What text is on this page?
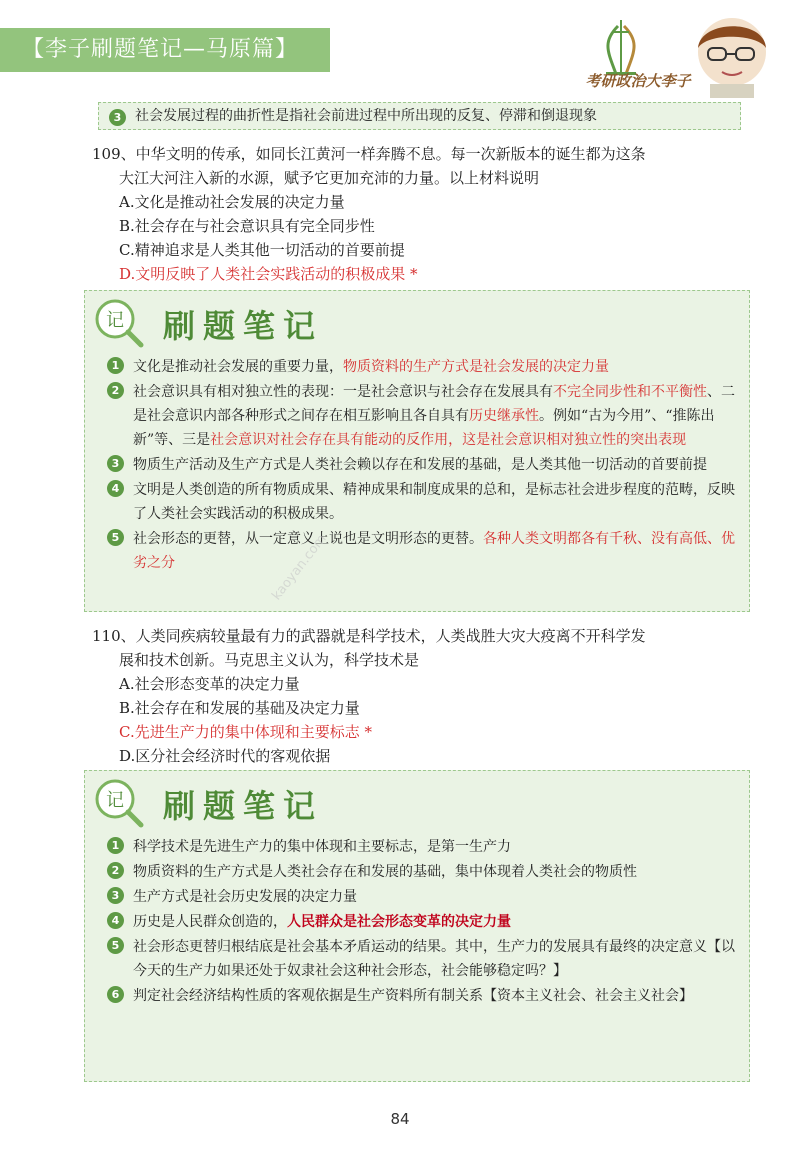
【李子刷题笔记—马原篇】
考研政治大李子
3 社会发展过程的曲折性是指社会前进过程中所出现的反复、停滞和倒退现象
109、中华文明的传承，如同长江黄河一样奔腾不息。每一次新版本的诞生都为这条
大江大河注入新的水源，赋予它更加充沛的力量。以上材料说明
A.文化是推动社会发展的决定力量
B.社会存在与社会意识具有完全同步性
C.精神追求是人类其他一切活动的首要前提
D.文明反映了人类社会实践活动的积极成果 *
记 刷题笔记
1 文化是推动社会发展的重要力量，物质资料的生产方式是社会发展的决定力量
2 社会意识具有相对独立性的表现：一是社会意识与社会存在发展具有不完全同步性和不平衡性、二是社会意识内部各种形式之间存在相互影响且各自具有历史继承性。例如“古为今用”、“推陈出新”等、三是社会意识对社会存在具有能动的反作用，这是社会意识相对独立性的突出表现
3 物质生产活动及生产方式是人类社会赖以存在和发展的基础，是人类其他一切活动的首要前提
4 文明是人类创造的所有物质成果、精神成果和制度成果的总和，是标志社会进步程度的范畴，反映了人类社会实践活动的积极成果。
5 社会形态的更替，从一定意义上说也是文明形态的更替。各种人类文明都各有千秋、没有高低、优劣之分
110、人类同疾病较量最有力的武器就是科学技术，人类战胜大灾大疫离不开科学发
展和技术创新。马克思主义认为，科学技术是
A.社会形态变革的决定力量
B.社会存在和发展的基础及决定力量
C.先进生产力的集中体现和主要标志 *
D.区分社会经济时代的客观依据
记 刷题笔记
1 科学技术是先进生产力的集中体现和主要标志，是第一生产力
2 物质资料的生产方式是人类社会存在和发展的基础，集中体现着人类社会的物质性
3 生产方式是社会历史发展的决定力量
4 历史是人民群众创造的，人民群众是社会形态变革的决定力量
5 社会形态更替归根结底是社会基本矛盾运动的结果。其中，生产力的发展具有最终的决定意义【以今天的生产力如果还处于奴隶社会这种社会形态，社会能够稳定吗？】
6 判定社会经济结构性质的客观依据是生产资料所有制关系【资本主义社会、社会主义社会】
kaoyan.com
84
